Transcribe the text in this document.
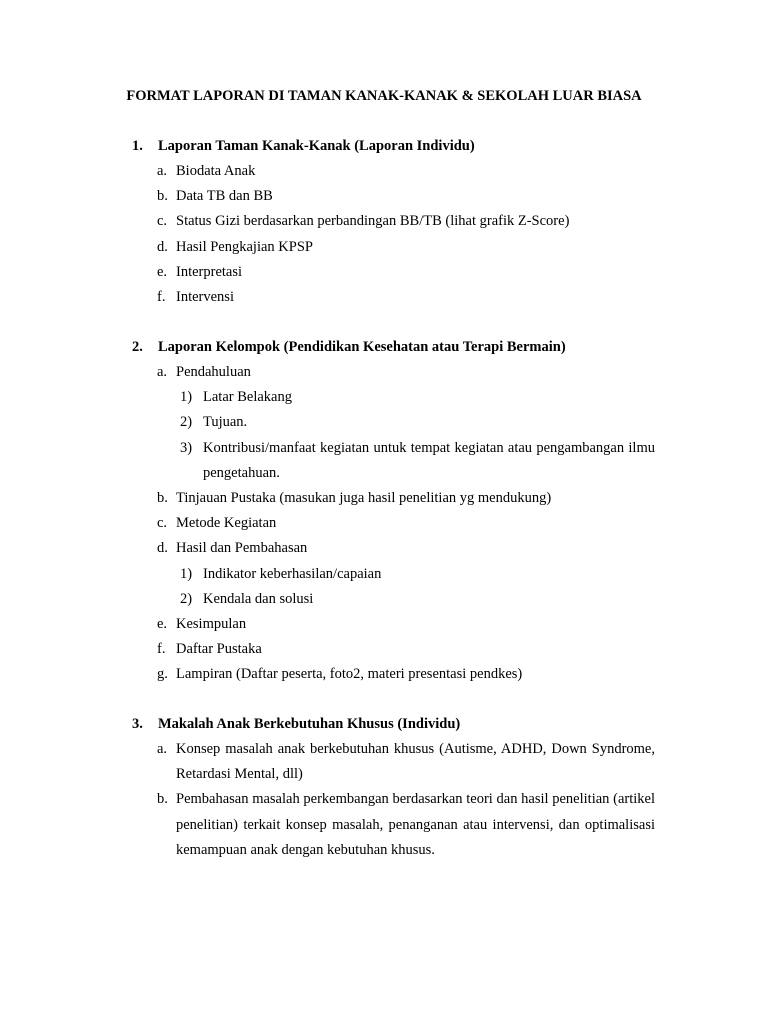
FORMAT LAPORAN DI TAMAN KANAK-KANAK & SEKOLAH LUAR BIASA
1. Laporan Taman Kanak-Kanak (Laporan Individu)
a. Biodata Anak
b. Data TB dan BB
c. Status Gizi berdasarkan perbandingan BB/TB (lihat grafik Z-Score)
d. Hasil Pengkajian KPSP
e. Interpretasi
f. Intervensi
2. Laporan Kelompok (Pendidikan Kesehatan atau Terapi Bermain)
a. Pendahuluan
1) Latar Belakang
2) Tujuan.
3) Kontribusi/manfaat kegiatan untuk tempat kegiatan atau pengambangan ilmu pengetahuan.
b. Tinjauan Pustaka (masukan juga hasil penelitian yg mendukung)
c. Metode Kegiatan
d. Hasil dan Pembahasan
1) Indikator keberhasilan/capaian
2) Kendala dan solusi
e. Kesimpulan
f. Daftar Pustaka
g. Lampiran (Daftar peserta, foto2, materi presentasi pendkes)
3. Makalah Anak Berkebutuhan Khusus (Individu)
a. Konsep masalah anak berkebutuhan khusus (Autisme, ADHD, Down Syndrome, Retardasi Mental, dll)
b. Pembahasan masalah perkembangan berdasarkan teori dan hasil penelitian (artikel penelitian) terkait konsep masalah, penanganan atau intervensi, dan optimalisasi kemampuan anak dengan kebutuhan khusus.
